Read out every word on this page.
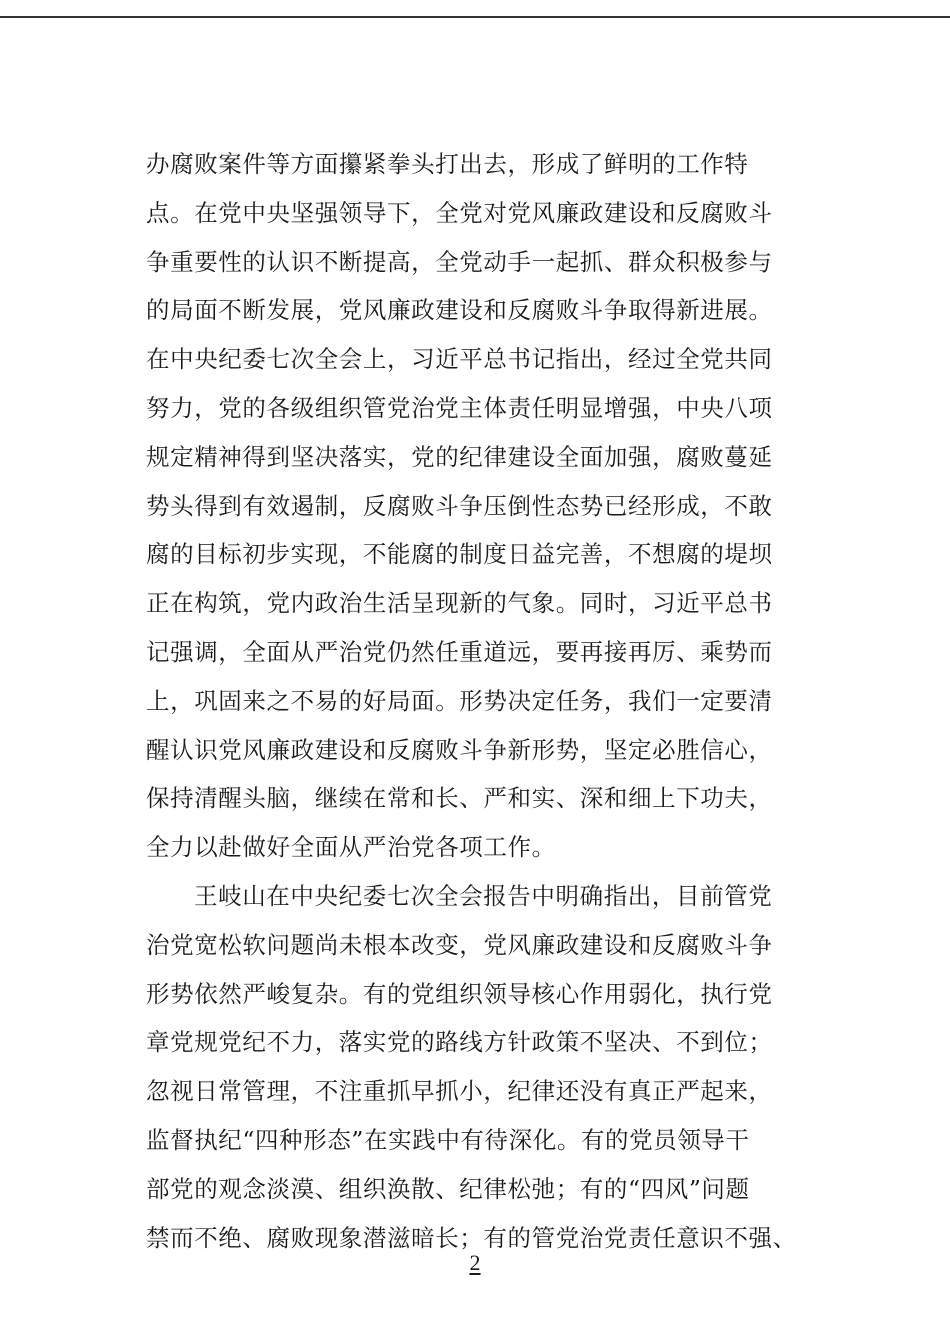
办腐败案件等方面攥紧拳头打出去，形成了鲜明的工作特
点。在党中央坚强领导下，全党对党风廉政建设和反腐败斗
争重要性的认识不断提高，全党动手一起抓、群众积极参与
的局面不断发展，党风廉政建设和反腐败斗争取得新进展。
在中央纪委七次全会上，习近平总书记指出，经过全党共同
努力，党的各级组织管党治党主体责任明显增强，中央八项
规定精神得到坚决落实，党的纪律建设全面加强，腐败蔓延
势头得到有效遏制，反腐败斗争压倒性态势已经形成，不敢
腐的目标初步实现，不能腐的制度日益完善，不想腐的堤坝
正在构筑，党内政治生活呈现新的气象。同时，习近平总书
记强调，全面从严治党仍然任重道远，要再接再厉、乘势而
上，巩固来之不易的好局面。形势决定任务，我们一定要清
醒认识党风廉政建设和反腐败斗争新形势，坚定必胜信心，
保持清醒头脑，继续在常和长、严和实、深和细上下功夫，
全力以赴做好全面从严治党各项工作。
王岐山在中央纪委七次全会报告中明确指出，目前管党
治党宽松软问题尚未根本改变，党风廉政建设和反腐败斗争
形势依然严峻复杂。有的党组织领导核心作用弱化，执行党
章党规党纪不力，落实党的路线方针政策不坚决、不到位；
忽视日常管理，不注重抓早抓小，纪律还没有真正严起来，
监督执纪“四种形态”在实践中有待深化。有的党员领导干
部党的观念淡漠、组织涣散、纪律松弛；有的“四风”问题
禁而不绝、腐败现象潜滋暗长；有的管党治党责任意识不强、
2
